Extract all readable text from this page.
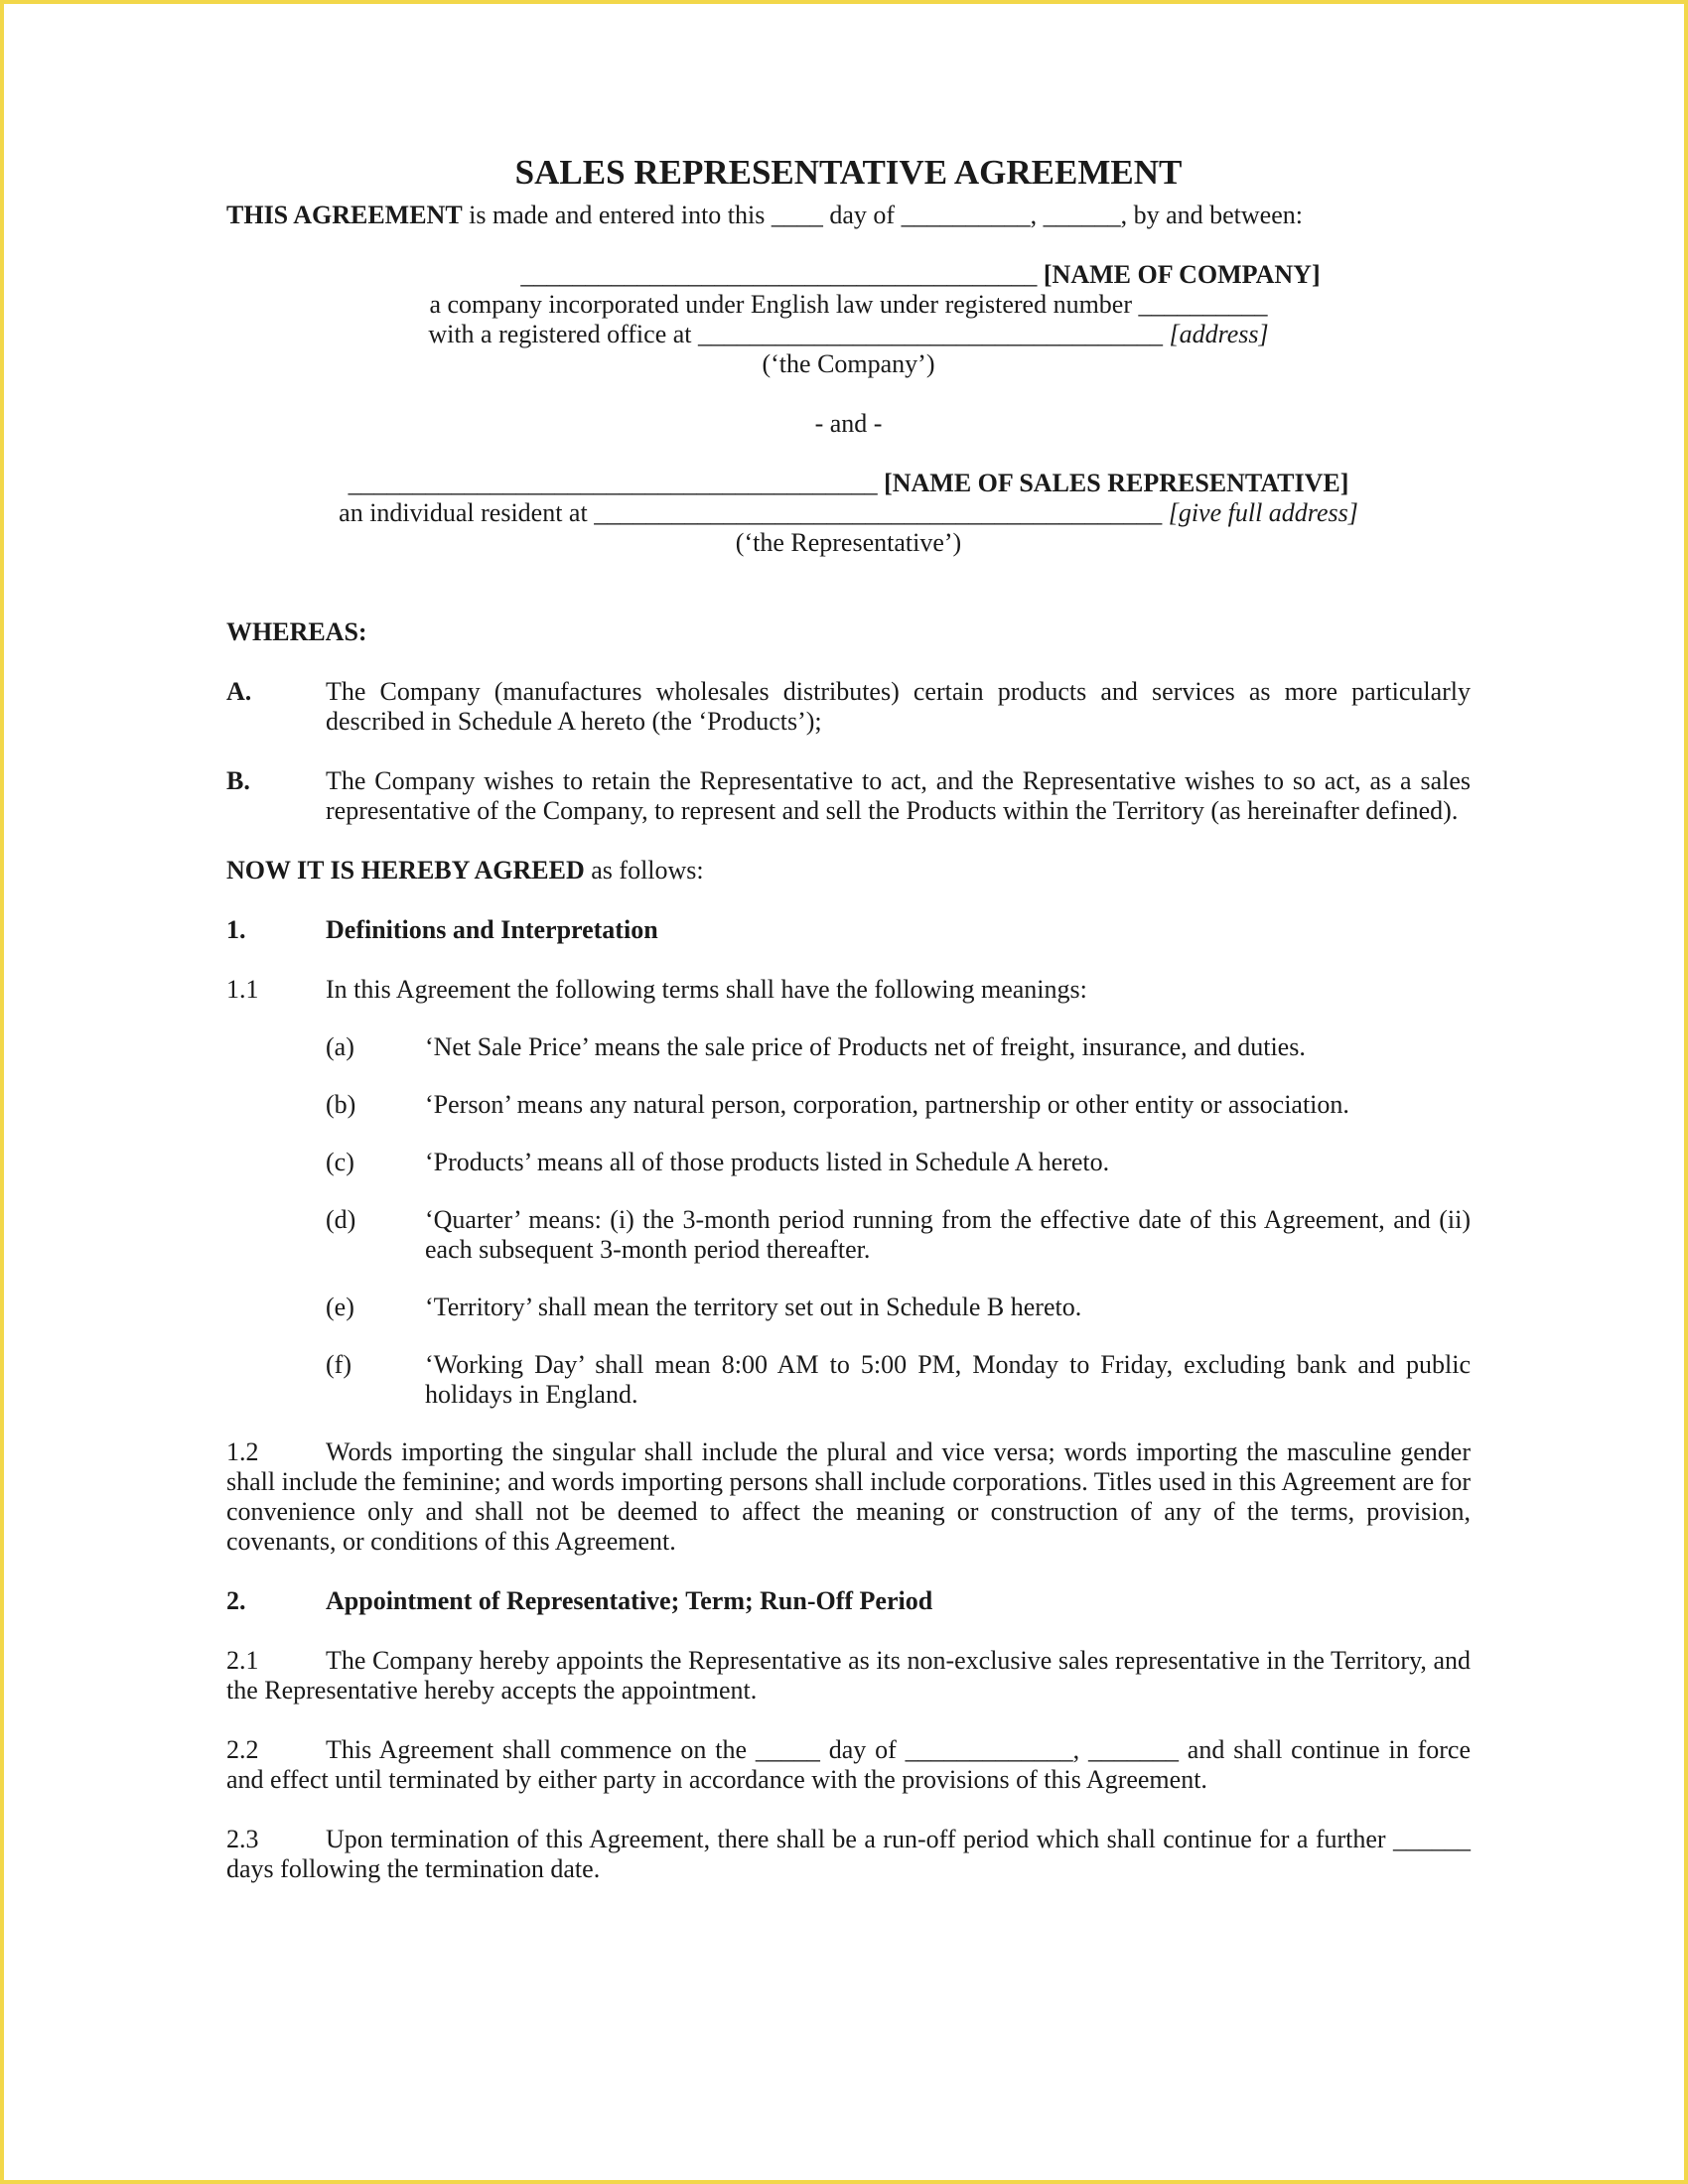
SALES REPRESENTATIVE AGREEMENT

THIS AGREEMENT is made and entered into this ____ day of __________, ______, by and between:

________________________________________ [NAME OF COMPANY]
a company incorporated under English law under registered number __________
with a registered office at ____________________________________ [address]
(‘the Company’)
- and -
_________________________________________ [NAME OF SALES REPRESENTATIVE]
an individual resident at ____________________________________________ [give full address]
(‘the Representative’)

WHEREAS:

A.	The Company (manufactures wholesales distributes) certain products and services as more particularly described in Schedule A hereto (the ‘Products’);
B.	The Company wishes to retain the Representative to act, and the Representative wishes to so act, as a sales representative of the Company, to represent and sell the Products within the Territory (as hereinafter defined).

NOW IT IS HEREBY AGREED as follows:

1.	Definitions and Interpretation
1.1	In this Agreement the following terms shall have the following meanings:
(a)	‘Net Sale Price’ means the sale price of Products net of freight, insurance, and duties.
(b)	‘Person’ means any natural person, corporation, partnership or other entity or association.
(c)	‘Products’ means all of those products listed in Schedule A hereto.
(d)	‘Quarter’ means: (i) the 3-month period running from the effective date of this Agreement, and (ii) each subsequent 3-month period thereafter.
(e)	‘Territory’ shall mean the territory set out in Schedule B hereto.
(f)	‘Working Day’ shall mean 8:00 AM to 5:00 PM, Monday to Friday, excluding bank and public holidays in England.

1.2	Words importing the singular shall include the plural and vice versa; words importing the masculine gender shall include the feminine; and words importing persons shall include corporations. Titles used in this Agreement are for convenience only and shall not be deemed to affect the meaning or construction of any of the terms, provision, covenants, or conditions of this Agreement.

2.	Appointment of Representative; Term; Run-Off Period

2.1	The Company hereby appoints the Representative as its non-exclusive sales representative in the Territory, and the Representative hereby accepts the appointment.

2.2	This Agreement shall commence on the _____ day of _____________, _______ and shall continue in force and effect until terminated by either party in accordance with the provisions of this Agreement.

2.3	Upon termination of this Agreement, there shall be a run-off period which shall continue for a further ______ days following the termination date.
